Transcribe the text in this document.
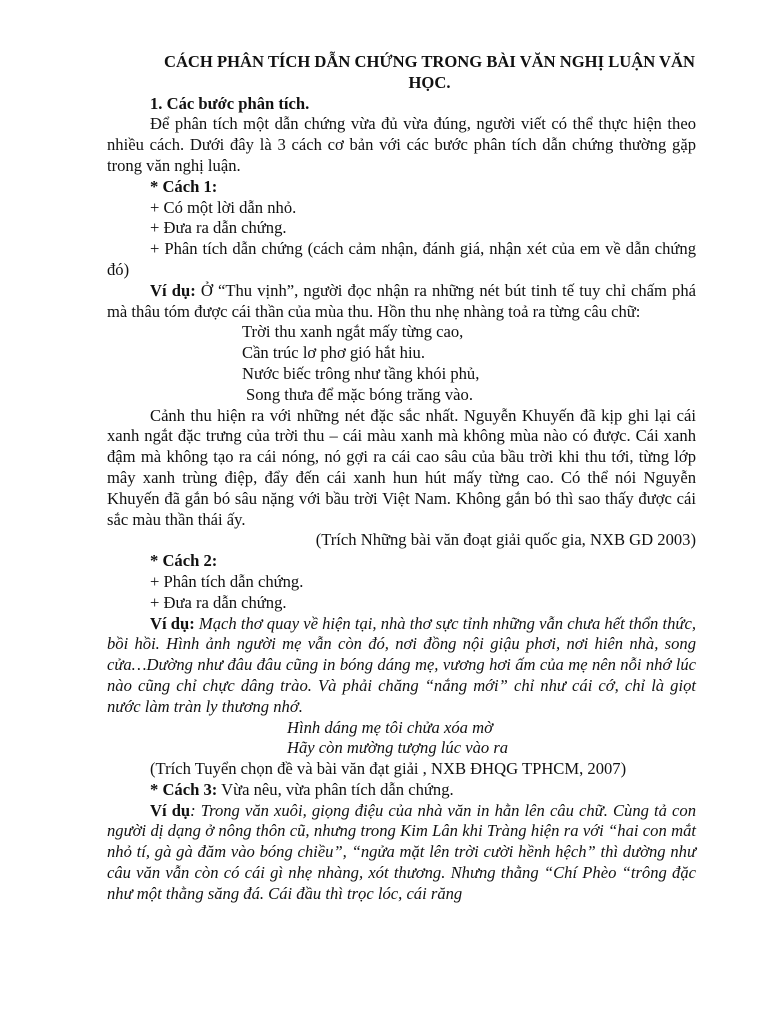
CÁCH PHÂN TÍCH DẪN CHỨNG TRONG BÀI VĂN NGHỊ LUẬN VĂN HỌC.

1. Các bước phân tích.

Để phân tích một dẫn chứng vừa đủ vừa đúng, người viết có thể thực hiện theo nhiều cách. Dưới đây là 3 cách cơ bản với các bước phân tích dẫn chứng thường gặp trong văn nghị luận.

* Cách 1:

+ Có một lời dẫn nhỏ.

+ Đưa ra dẫn chứng.

+ Phân tích dẫn chứng (cách cảm nhận, đánh giá, nhận xét của em về dẫn chứng đó)

Ví dụ: Ở “Thu vịnh”, người đọc nhận ra những nét bút tinh tế tuy chỉ chấm phá mà thâu tóm được cái thần của mùa thu. Hồn thu nhẹ nhàng toả ra từng câu chữ:

Trời thu xanh ngắt mấy từng cao,

Cần trúc lơ phơ gió hắt hiu.

Nước biếc trông như tầng khói phủ,

Song thưa để mặc bóng trăng vào.

Cảnh thu hiện ra với những nét đặc sắc nhất. Nguyễn Khuyến đã kịp ghi lại cái xanh ngắt đặc trưng của trời thu – cái màu xanh mà không mùa nào có được. Cái xanh đậm mà không tạo ra cái nóng, nó gợi ra cái cao sâu của bầu trời khi thu tới, từng lớp mây xanh trùng điệp, đẩy đến cái xanh hun hút mấy từng cao. Có thể nói Nguyễn Khuyến đã gắn bó sâu nặng với bầu trời Việt Nam. Không gắn bó thì sao thấy được cái sắc màu thần thái ấy.

(Trích Những bài văn đoạt giải quốc gia, NXB GD 2003)

* Cách 2:

+ Phân tích dẫn chứng.

+ Đưa ra dẫn chứng.

Ví dụ: Mạch thơ quay về hiện tại, nhà thơ sực tỉnh những vẫn chưa hết thổn thức, bồi hồi. Hình ảnh người mẹ vẫn còn đó, nơi đồng nội giậu phơi, nơi hiên nhà, song cửa…Dường như đâu đâu cũng in bóng dáng mẹ, vương hơi ấm của mẹ nên nỗi nhớ lúc nào cũng chỉ chực dâng trào. Và phải chăng “nắng mới” chỉ như cái cớ, chỉ là giọt nước làm tràn ly thương nhớ.

Hình dáng mẹ tôi chửa xóa mờ

Hãy còn mường tượng lúc vào ra

(Trích Tuyển chọn đề và bài văn đạt giải , NXB ĐHQG TPHCM, 2007)

* Cách 3: Vừa nêu, vừa phân tích dẫn chứng.

Ví dụ: Trong văn xuôi, giọng điệu của nhà văn in hằn lên câu chữ. Cùng tả con người dị dạng ở nông thôn cũ, nhưng trong Kim Lân khi Tràng hiện ra với “hai con mắt nhỏ tí, gà gà đăm vào bóng chiều”, “ngửa mặt lên trời cười hềnh hệch” thì dường như câu văn vẫn còn có cái gì nhẹ nhàng, xót thương. Nhưng thằng “Chí Phèo “trông đặc như một thằng săng đá. Cái đầu thì trọc lóc, cái răng
